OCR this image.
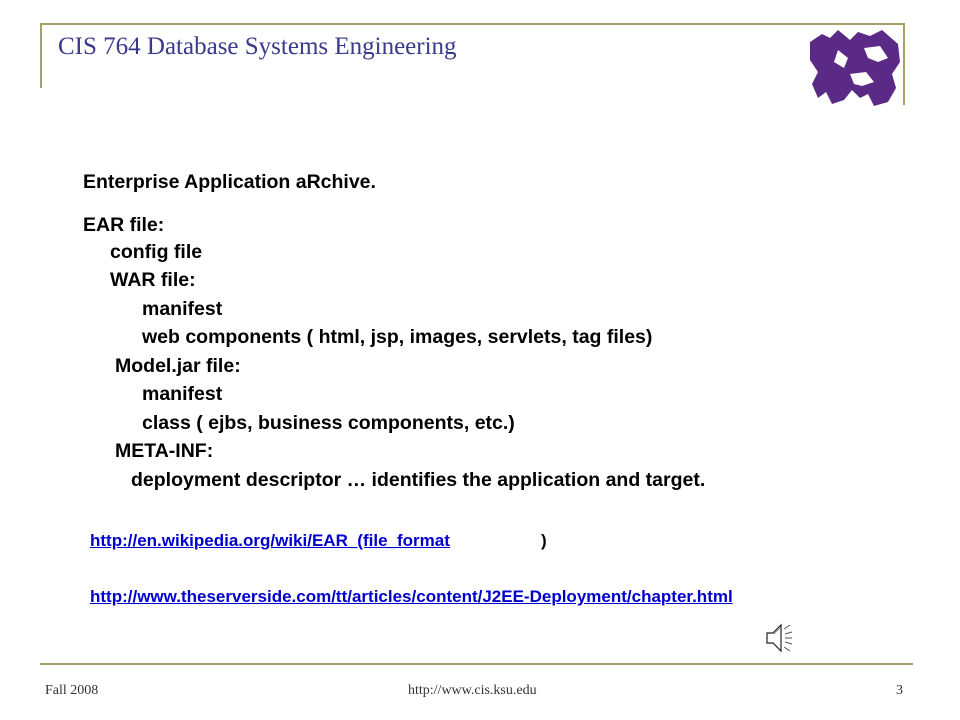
CIS 764 Database Systems Engineering
Enterprise Application aRchive.
EAR file:
config file
WAR file:
manifest
web components ( html, jsp, images, servlets, tag files)
Model.jar file:
manifest
class ( ejbs, business components, etc.)
META-INF:
deployment descriptor … identifies the application and target.
http://en.wikipedia.org/wiki/EAR_(file_format	)
http://www.theserverside.com/tt/articles/content/J2EE-Deployment/chapter.html
Fall 2008	http://www.cis.ksu.edu	3
